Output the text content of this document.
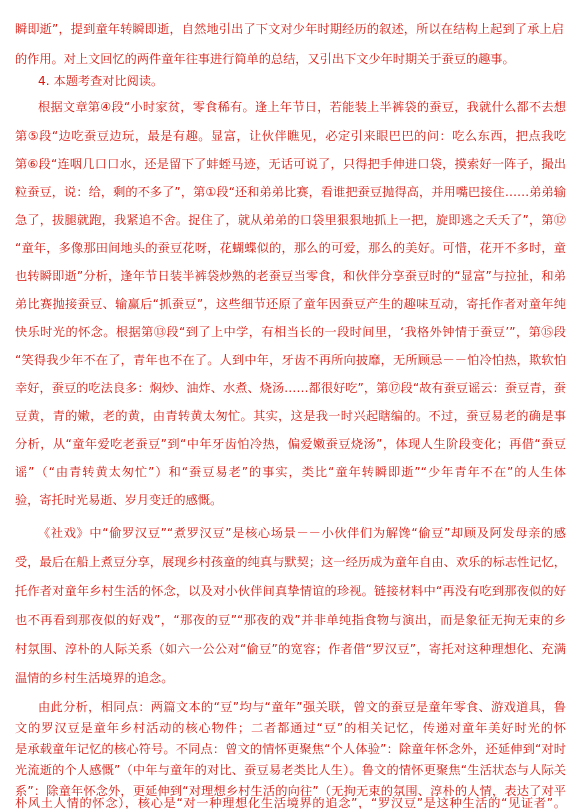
瞬即逝”，提到童年转瞬即逝，自然地引出了下文对少年时期经历的叙述，所以在结构上起到了承上启
的作用。对上文回忆的两件童年往事进行简单的总结，又引出下文少年时期关于蚕豆的趣事。
4. 本题考查对比阅读。
根据文章第④段“小时家贫，零食稀有。逢上年节日，若能装上半裤袋的蚕豆，我就什么都不去想
第⑤段“边吃蚕豆边玩，最是有趣。显富，让伙伴瞧见，必定引来眼巴巴的问：吃么东西，把点我吃
第⑥段“连咽几口口水，还是留下了蚌蛭马迹，无话可说了，只得把手伸进口袋，摸索好一阵子，撮出
粒蚕豆，说：给，剩的不多了”，第①段“还和弟弟比赛，看谁把蚕豆抛得高，并用嘴巴接住……弟弟输
急了，拔腿就跑，我紧追不舍。捉住了，就从弟弟的口袋里狠狠地抓上一把，旋即逃之夭夭了”，第⑫
“童年，多像那田间地头的蚕豆花呀，花蝴蝶似的，那么的可爱，那么的美好。可惜，花开不多时，童
也转瞬即逝”分析，逢年节日装半裤袋炒熟的老蚕豆当零食，和伙伴分享蚕豆时的“显富”与拉扯，和弟
弟比赛抛接蚕豆、输赢后“抓蚕豆”，这些细节还原了童年因蚕豆产生的趣味互动，寄托作者对童年纯
快乐时光的怀念。根据第⑬段“到了上中学，有相当长的一段时间里，‘我格外钟情于蚕豆’”，第⑮段
“笑得我少年不在了，青年也不在了。人到中年，牙齿不再所向披靡，无所顾忌－－怕冷怕热，欺软怕
幸好，蚕豆的吃法良多：焖炒、油炸、水煮、烧汤……都很好吃”，第⑰段“故有蚕豆谣云：蚕豆青，蚕
豆黄，青的嫩，老的黄，由青转黄太匆忙。其实，这是我一时兴起瞎编的。不过，蚕豆易老的确是事
分析，从“童年爱吃老蚕豆”到“中年牙齿怕冷热，偏爱嫩蚕豆烧汤”，体现人生阶段变化；再借“蚕豆
谣”（“由青转黄太匆忙”）和“蚕豆易老”的事实，类比“童年转瞬即逝”“少年青年不在”的人生体
验，寄托时光易逝、岁月变迁的感慨。
《社戏》中“偷罗汉豆”“煮罗汉豆”是核心场景－－小伙伴们为解馋“偷豆”却顾及阿发母亲的感
受，最后在船上煮豆分享，展现乡村孩童的纯真与默契；这一经历成为童年自由、欢乐的标志性记忆，
托作者对童年乡村生活的怀念，以及对小伙伴间真挚情谊的珍视。链接材料中“再没有吃到那夜似的好
也不再看到那夜似的好戏”，“那夜的豆”“那夜的戏”并非单纯指食物与演出，而是象征无拘无束的乡
村氛围、淳朴的人际关系（如六一公公对“偷豆”的宽容；作者借“罗汉豆”，寄托对这种理想化、充满
温情的乡村生活境界的追念。
由此分析，相同点：两篇文本的“豆”均与“童年”强关联，曾文的蚕豆是童年零食、游戏道具，鲁
文的罗汉豆是童年乡村活动的核心物件；二者都通过“豆”的相关记忆，传递对童年美好时光的怀
是承载童年记忆的核心符号。不同点：曾文的情怀更聚焦“个人体验”：除童年怀念外，还延伸到“对时
光流逝的个人感慨”（中年与童年的对比、蚕豆易老类比人生）。鲁文的情怀更聚焦“生活状态与人际关
系”：除童年怀念外，更延伸到“对理想乡村生活的向往”（无拘无束的氛围、淳朴的人情，表达了对平
朴风土人情的怀念），核心是“对一种理想化生活境界的追念”，“罗汉豆”是这种生活的“见证者”。
